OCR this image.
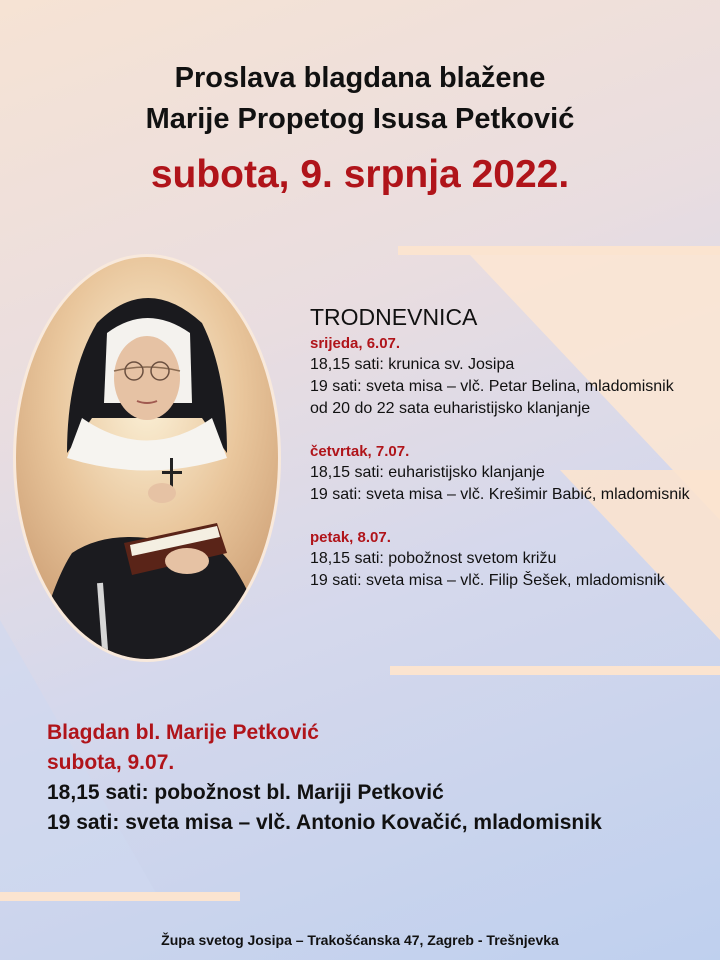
Proslava blagdana blažene
Marije Propetog Isusa Petković
subota, 9. srpnja 2022.
TRODNEVNICA
srijeda, 6.07.
18,15 sati: krunica sv. Josipa
19 sati: sveta misa – vlč. Petar Belina, mladomisnik
od 20 do 22 sata euharistijsko klanjanje
četvrtak, 7.07.
18,15 sati: euharistijsko klanjanje
19 sati: sveta misa – vlč. Krešimir Babić, mladomisnik
petak, 8.07.
18,15 sati: pobožnost svetom križu
19 sati: sveta misa – vlč. Filip Šešek, mladomisnik
Blagdan bl. Marije Petković
subota, 9.07.
18,15 sati: pobožnost bl. Mariji Petković
19 sati: sveta misa – vlč. Antonio Kovačić, mladomisnik
Župa svetog Josipa – Trakošćanska 47, Zagreb - Trešnjevka
